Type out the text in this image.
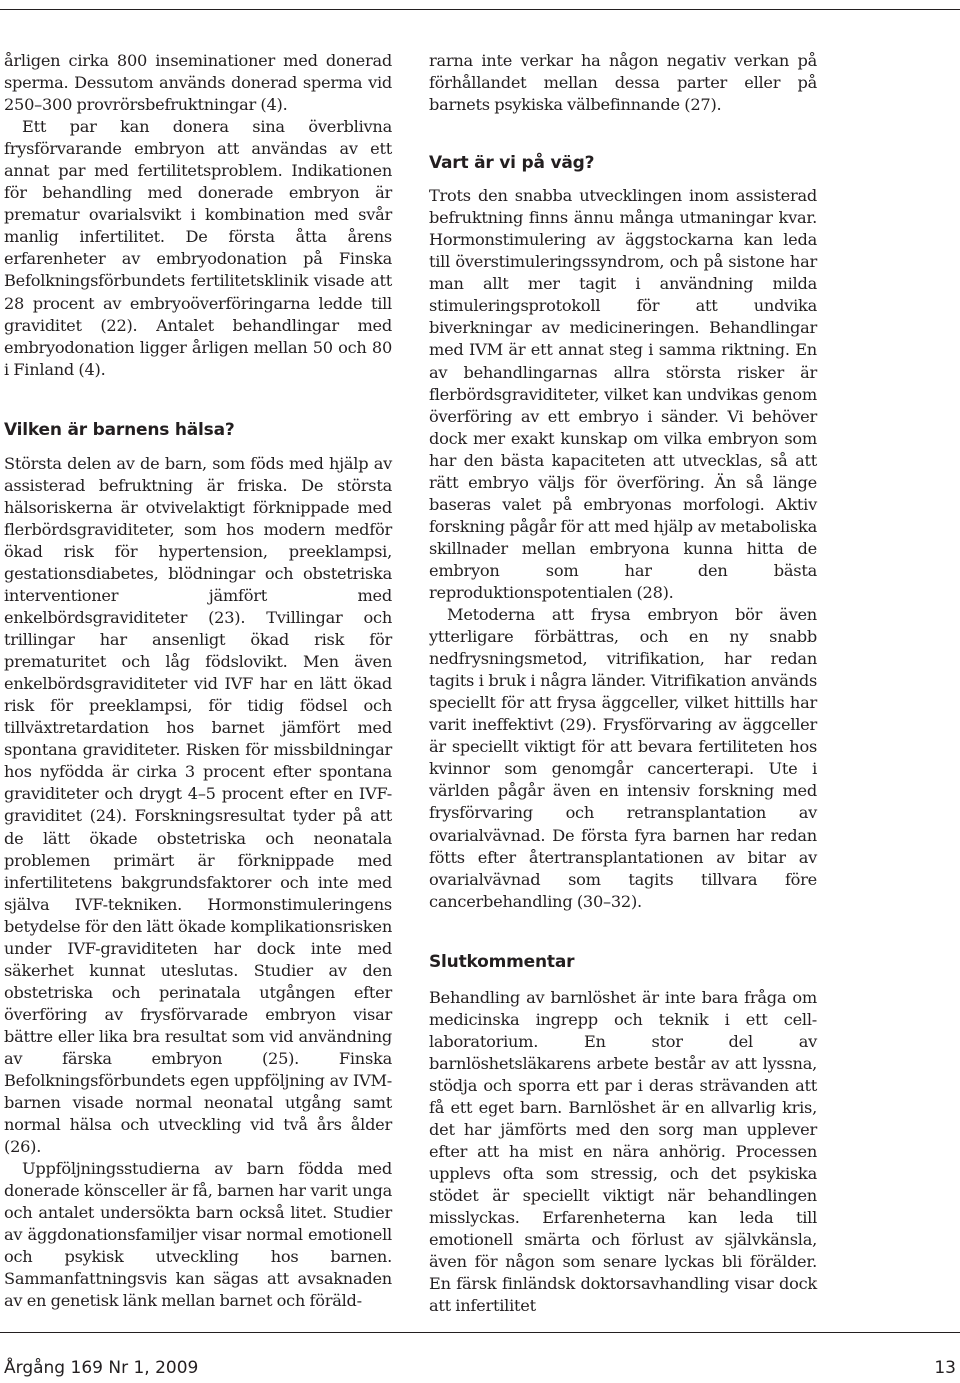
årligen cirka 800 inseminationer med donerad sperma. Dessutom används donerad sperma vid 250–300 provrörsbefruktningar (4).

Ett par kan donera sina överblivna frysförvarande embryon att användas av ett annat par med fertilitetsproblem. Indikationen för behandling med donerade embryon är prematur ovarialsvikt i kombination med svår manlig infertilitet. De första åtta årens erfarenheter av embryodonation på Finska Befolkningsförbundets fertilitetsklinik visade att 28 procent av embryoöverföringarna ledde till graviditet (22). Antalet behandlingar med embryodonation ligger årligen mellan 50 och 80 i Finland (4).

Vilken är barnens hälsa?

Största delen av de barn, som föds med hjälp av assisterad befruktning är friska. De största hälsoriskerna är otvivelaktigt förknippade med flerbördsgraviditeter, som hos modern medför ökad risk för hypertension, preeklampsi, gestationsdiabetes, blödningar och obstetriska interventioner jämfört med enkelbördsgraviditeter (23). Tvillingar och trillingar har ansenligt ökad risk för prematuritet och låg födslovikt. Men även enkelbördsgraviditeter vid IVF har en lätt ökad risk för preeklampsi, för tidig födsel och tillväxtretardation hos barnet jämfört med spontana graviditeter. Risken för missbildningar hos nyfödda är cirka 3 procent efter spontana graviditeter och drygt 4–5 procent efter en IVF-graviditet (24). Forskningsresultat tyder på att de lätt ökade obstetriska och neonatala problemen primärt är förknippade med infertilitetens bakgrundsfaktorer och inte med själva IVF-tekniken. Hormonstimuleringens betydelse för den lätt ökade komplikationsrisken under IVF-graviditeten har dock inte med säkerhet kunnat uteslutas. Studier av den obstetriska och perinatala utgången efter överföring av frysförvarade embryon visar bättre eller lika bra resultat som vid användning av färska embryon (25). Finska Befolkningsförbundets egen uppföljning av IVM-barnen visade normal neonatal utgång samt normal hälsa och utveckling vid två års ålder (26).

Uppföljningsstudierna av barn födda med donerade könsceller är få, barnen har varit unga och antalet undersökta barn också litet. Studier av äggdonationsfamiljer visar normal emotionell och psykisk utveckling hos barnen. Sammanfattningsvis kan sägas att avsaknaden av en genetisk länk mellan barnet och föräld-

rarna inte verkar ha någon negativ verkan på förhållandet mellan dessa parter eller på barnets psykiska välbefinnande (27).

Vart är vi på väg?

Trots den snabba utvecklingen inom assisterad befruktning finns ännu många utmaningar kvar. Hormonstimulering av äggstockarna kan leda till överstimuleringssyndrom, och på sistone har man allt mer tagit i användning milda stimuleringsprotokoll för att undvika biverkningar av medicineringen. Behandlingar med IVM är ett annat steg i samma riktning. En av behandlingarnas allra största risker är flerbördsgraviditeter, vilket kan undvikas genom överföring av ett embryo i sänder. Vi behöver dock mer exakt kunskap om vilka embryon som har den bästa kapaciteten att utvecklas, så att rätt embryo väljs för överföring. Än så länge baseras valet på embryonas morfologi. Aktiv forskning pågår för att med hjälp av metaboliska skillnader mellan embryona kunna hitta de embryon som har den bästa reproduktionspotentialen (28).

Metoderna att frysa embryon bör även ytterligare förbättras, och en ny snabb nedfrysningsmetod, vitrifikation, har redan tagits i bruk i några länder. Vitrifikation används speciellt för att frysa äggceller, vilket hittills har varit ineffektivt (29). Frysförvaring av äggceller är speciellt viktigt för att bevara fertiliteten hos kvinnor som genomgår cancerterapi. Ute i världen pågår även en intensiv forskning med frysförvaring och retransplantation av ovarialvävnad. De första fyra barnen har redan fötts efter återtransplantationen av bitar av ovarialvävnad som tagits tillvara före cancerbehandling (30–32).

Slutkommentar

Behandling av barnlöshet är inte bara fråga om medicinska ingrepp och teknik i ett cell-laboratorium. En stor del av barnlöshetsläkarens arbete består av att lyssna, stödja och sporra ett par i deras strävanden att få ett eget barn. Barnlöshet är en allvarlig kris, det har jämförts med den sorg man upplever efter att ha mist en nära anhörig. Processen upplevs ofta som stressig, och det psykiska stödet är speciellt viktigt när behandlingen misslyckas. Erfarenheterna kan leda till emotionell smärta och förlust av självkänsla, även för någon som senare lyckas bli förälder. En färsk finländsk doktorsavhandling visar dock att infertilitet

Årgång 169 Nr 1, 2009	13
